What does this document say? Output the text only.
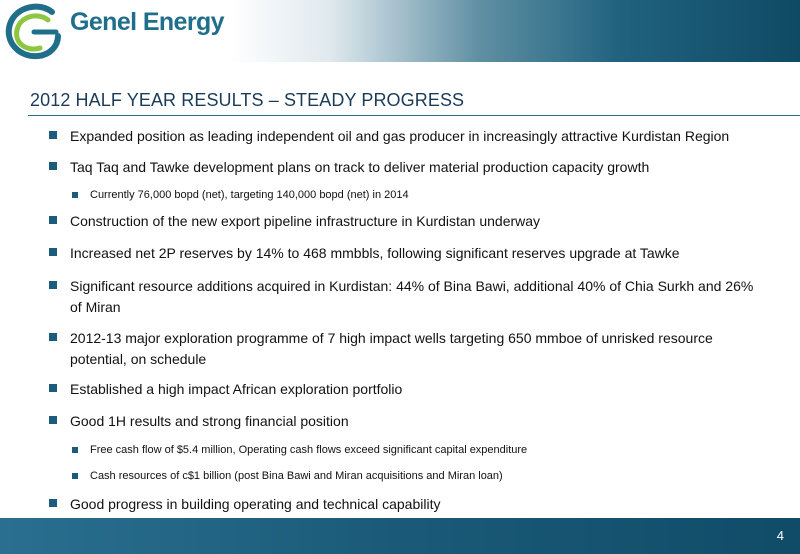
Genel Energy
2012 HALF YEAR RESULTS – STEADY PROGRESS
Expanded position as leading independent oil and gas producer in increasingly attractive Kurdistan Region
Taq Taq and Tawke development plans on track to deliver material production capacity growth
Currently 76,000 bopd (net), targeting 140,000 bopd (net) in 2014
Construction of the new export pipeline infrastructure in Kurdistan underway
Increased net 2P reserves by 14% to 468 mmbbls, following significant reserves upgrade at Tawke
Significant resource additions acquired in Kurdistan: 44% of Bina Bawi, additional 40% of Chia Surkh and 26% of Miran
2012-13 major exploration programme of 7 high impact wells targeting 650 mmboe of unrisked resource potential, on schedule
Established a high impact African exploration portfolio
Good 1H results and strong financial position
Free cash flow of $5.4 million, Operating cash flows exceed significant capital expenditure
Cash resources of c$1 billion (post Bina Bawi and Miran acquisitions and Miran loan)
Good progress in building operating and technical capability
4
